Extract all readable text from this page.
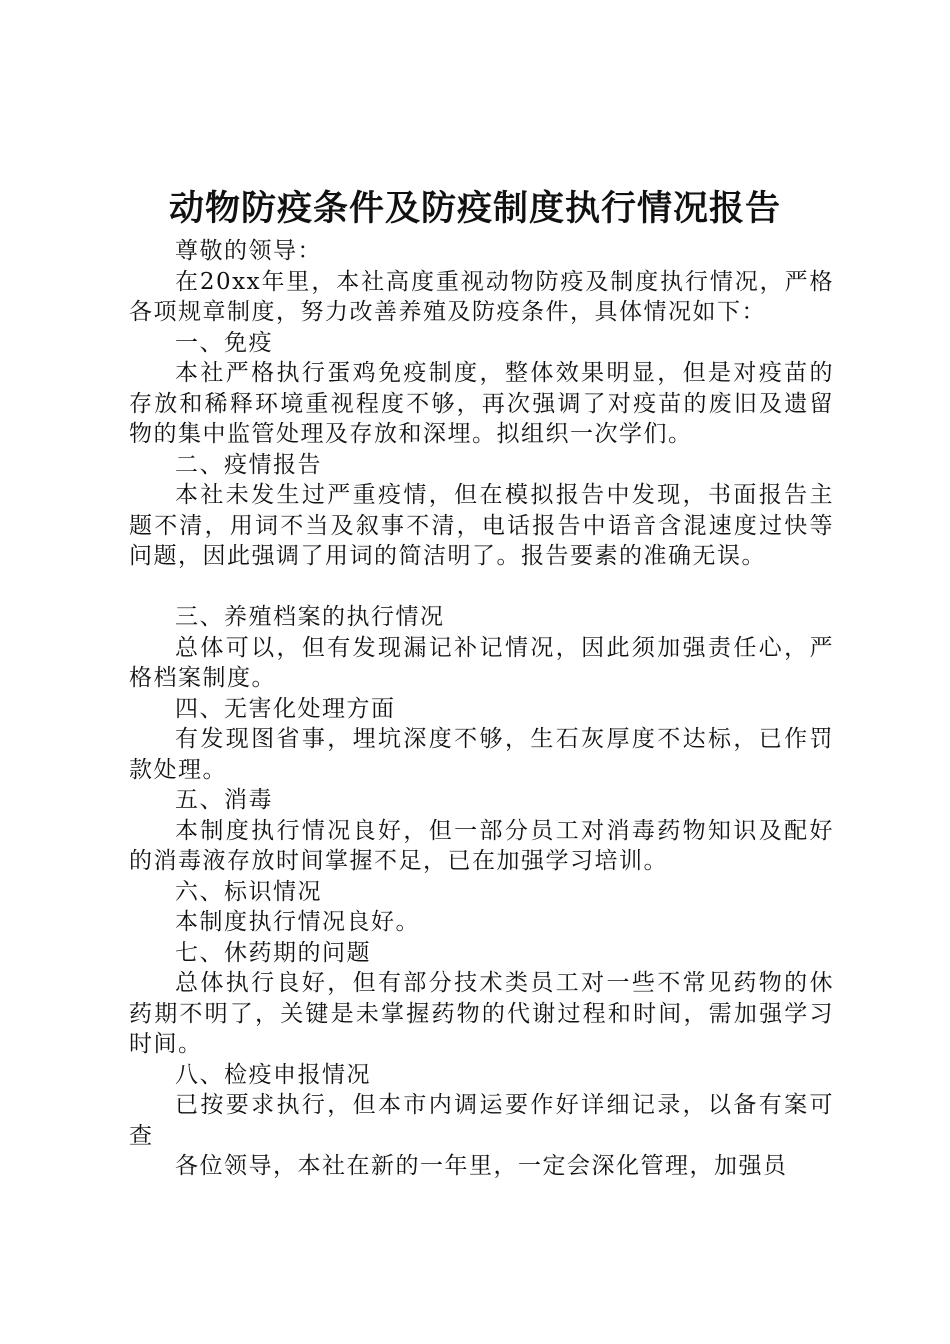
动物防疫条件及防疫制度执行情况报告

尊敬的领导：

在20xx年里，本社高度重视动物防疫及制度执行情况，严格各项规章制度，努力改善养殖及防疫条件，具体情况如下：

一、免疫

本社严格执行蛋鸡免疫制度，整体效果明显，但是对疫苗的存放和稀释环境重视程度不够，再次强调了对疫苗的废旧及遗留物的集中监管处理及存放和深埋。拟组织一次学们。

二、疫情报告

本社未发生过严重疫情，但在模拟报告中发现，书面报告主题不清，用词不当及叙事不清，电话报告中语音含混速度过快等问题，因此强调了用词的简洁明了。报告要素的准确无误。

三、养殖档案的执行情况

总体可以，但有发现漏记补记情况，因此须加强责任心，严格档案制度。

四、无害化处理方面

有发现图省事，埋坑深度不够，生石灰厚度不达标，已作罚款处理。

五、消毒

本制度执行情况良好，但一部分员工对消毒药物知识及配好的消毒液存放时间掌握不足，已在加强学习培训。

六、标识情况

本制度执行情况良好。

七、休药期的问题

总体执行良好，但有部分技术类员工对一些不常见药物的休药期不明了，关键是未掌握药物的代谢过程和时间，需加强学习时间。

八、检疫申报情况

已按要求执行，但本市内调运要作好详细记录，以备有案可查

各位领导，本社在新的一年里，一定会深化管理，加强员
